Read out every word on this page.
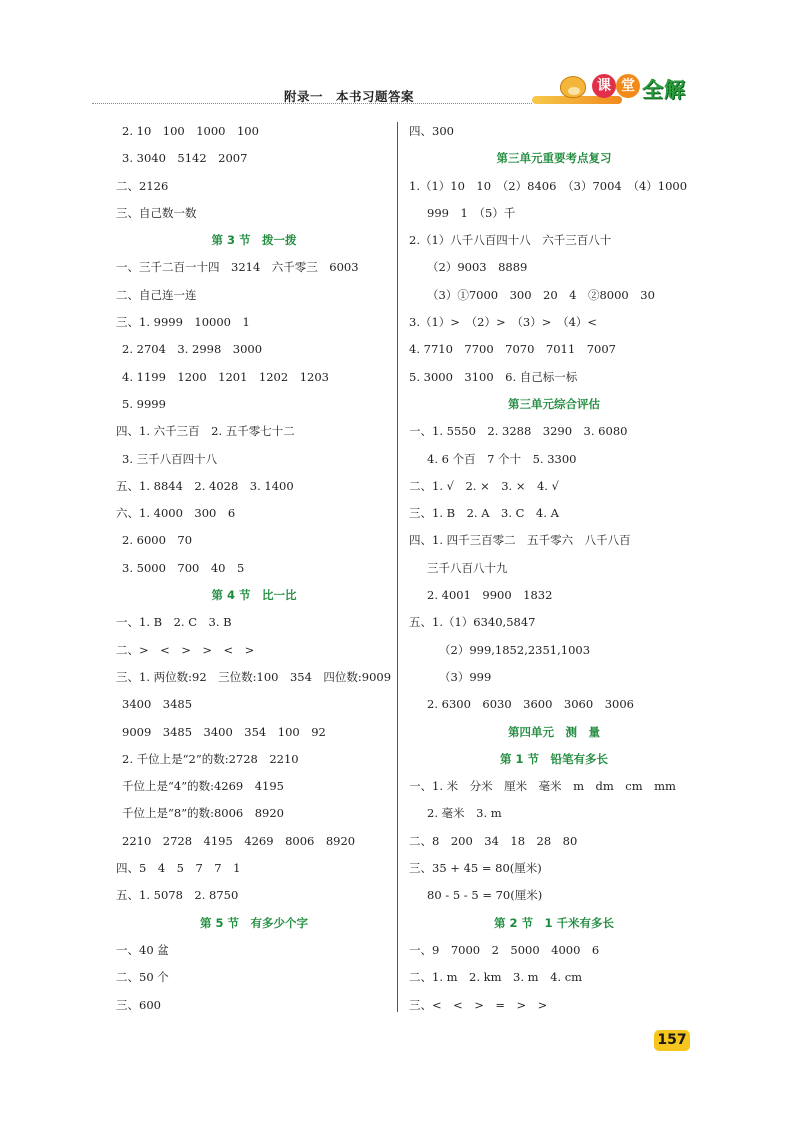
附录一　本书习题答案
课 堂 全解
2. 10　100　1000　100
3. 3040　5142　2007
二、2126
三、自己数一数
第 3 节　拨一拨
一、三千二百一十四　3214　六千零三　6003
二、自己连一连
三、1. 9999　10000　1
2. 2704　3. 2998　3000
4. 1199　1200　1201　1202　1203
5. 9999
四、1. 六千三百　2. 五千零七十二
3. 三千八百四十八
五、1. 8844　2. 4028　3. 1400
六、1. 4000　300　6
2. 6000　70
3. 5000　700　40　5
第 4 节　比一比
一、1. B　2. C　3. B
二、>　<　>　>　<　>
三、1. 两位数:92　三位数:100　354　四位数:9009
3400　3485
9009　3485　3400　354　100　92
2. 千位上是“2”的数:2728　2210
千位上是“4”的数:4269　4195
千位上是“8”的数:8006　8920
2210　2728　4195　4269　8006　8920
四、5　4　5　7　7　1
五、1. 5078　2. 8750
第 5 节　有多少个字
一、40 盆
二、50 个
三、600
四、300
第三单元重要考点复习
1.（1）10　10　（2）8406　（3）7004　（4）1000
999　1　（5）千
2.（1）八千八百四十八　六千三百八十
（2）9003　8889
（3）①7000　300　20　4　②8000　30
3.（1）>　（2）>　（3）>　（4）<
4. 7710　7700　7070　7011　7007
5. 3000　3100　6. 自己标一标
第三单元综合评估
一、1. 5550　2. 3288　3290　3. 6080
4. 6 个百　7 个十　5. 3300
二、1. √　2. ×　3. ×　4. √
三、1. B　2. A　3. C　4. A
四、1. 四千三百零二　五千零六　八千八百
三千八百八十九
2. 4001　9900　1832
五、1.（1）6340,5847
（2）999,1852,2351,1003
（3）999
2. 6300　6030　3600　3060　3006
第四单元　测　量
第 1 节　铅笔有多长
一、1. 米　分米　厘米　毫米　m　dm　cm　mm
2. 毫米　3. m
二、8　200　34　18　28　80
三、35 + 45 = 80(厘米)
80 - 5 - 5 = 70(厘米)
第 2 节　1 千米有多长
一、9　7000　2　5000　4000　6
二、1. m　2. km　3. m　4. cm
三、<　<　>　=　>　>
157
